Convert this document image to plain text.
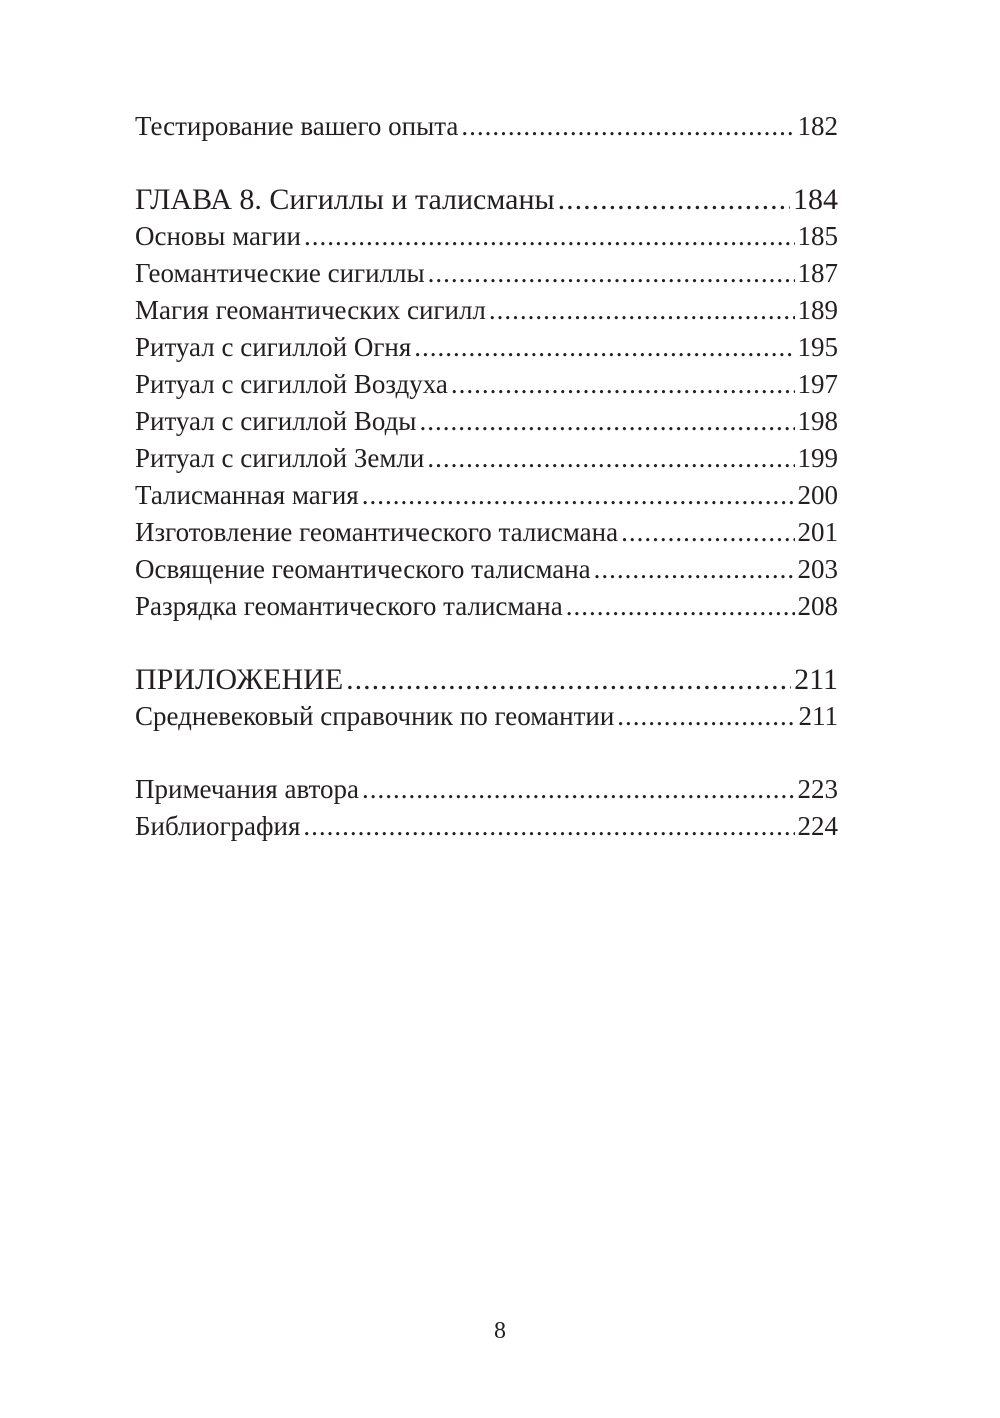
Тестирование вашего опыта .....	182
ГЛАВА 8. Сигиллы и талисманы .....	184
Основы магии .....	185
Геомантические сигиллы .....	187
Магия геомантических сигилл .....	189
Ритуал с сигиллой Огня .....	195
Ритуал с сигиллой Воздуха .....	197
Ритуал с сигиллой Воды .....	198
Ритуал с сигиллой Земли .....	199
Талисманная магия .....	200
Изготовление геомантического талисмана .....	201
Освящение геомантического талисмана .....	203
Разрядка геомантического талисмана .....	208
ПРИЛОЖЕНИЕ .....	211
Средневековый справочник по геомантии .....	211
Примечания автора .....	223
Библиография .....	224
8
